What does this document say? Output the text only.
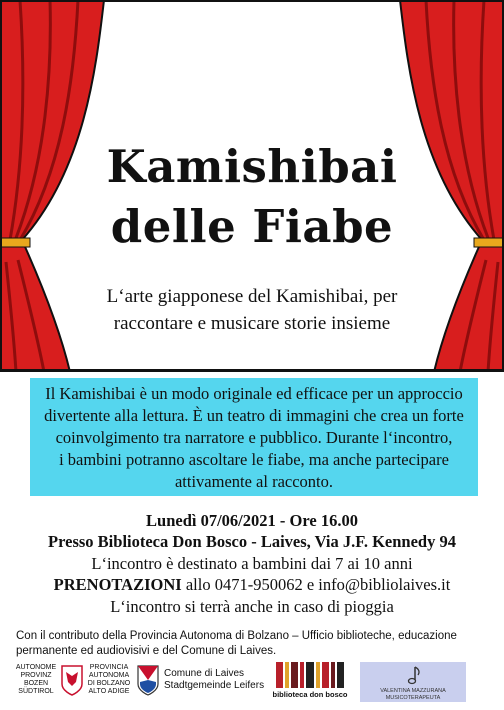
Kamishibai
delle Fiabe
L‘arte giapponese del Kamishibai, per
raccontare e musicare storie insieme
Il Kamishibai è un modo originale ed efficace per un approccio
divertente alla lettura. È un teatro di immagini che crea un forte
coinvolgimento tra narratore e pubblico. Durante l‘incontro,
i bambini potranno ascoltare le fiabe, ma anche partecipare
attivamente al racconto.
Lunedì 07/06/2021 - Ore 16.00
Presso Biblioteca Don Bosco - Laives, Via J.F. Kennedy 94
L‘incontro è destinato a bambini dai 7 ai 10 anni
PRENOTAZIONI allo 0471-950062 e info@bibliolaives.it
L‘incontro si terrà anche in caso di pioggia
Con il contributo della Provincia Autonoma di Bolzano – Ufficio biblioteche, educazione
permanente ed audiovisivi e del Comune di Laives.
AUTONOME
PROVINZ
BOZEN
SÜDTIROL
PROVINCIA
AUTONOMA
DI BOLZANO
ALTO ADIGE
Comune di Laives
Stadtgemeinde Leifers
biblioteca don bosco	VALENTINA MAZZURANA
MUSICOTERAPEUTA
